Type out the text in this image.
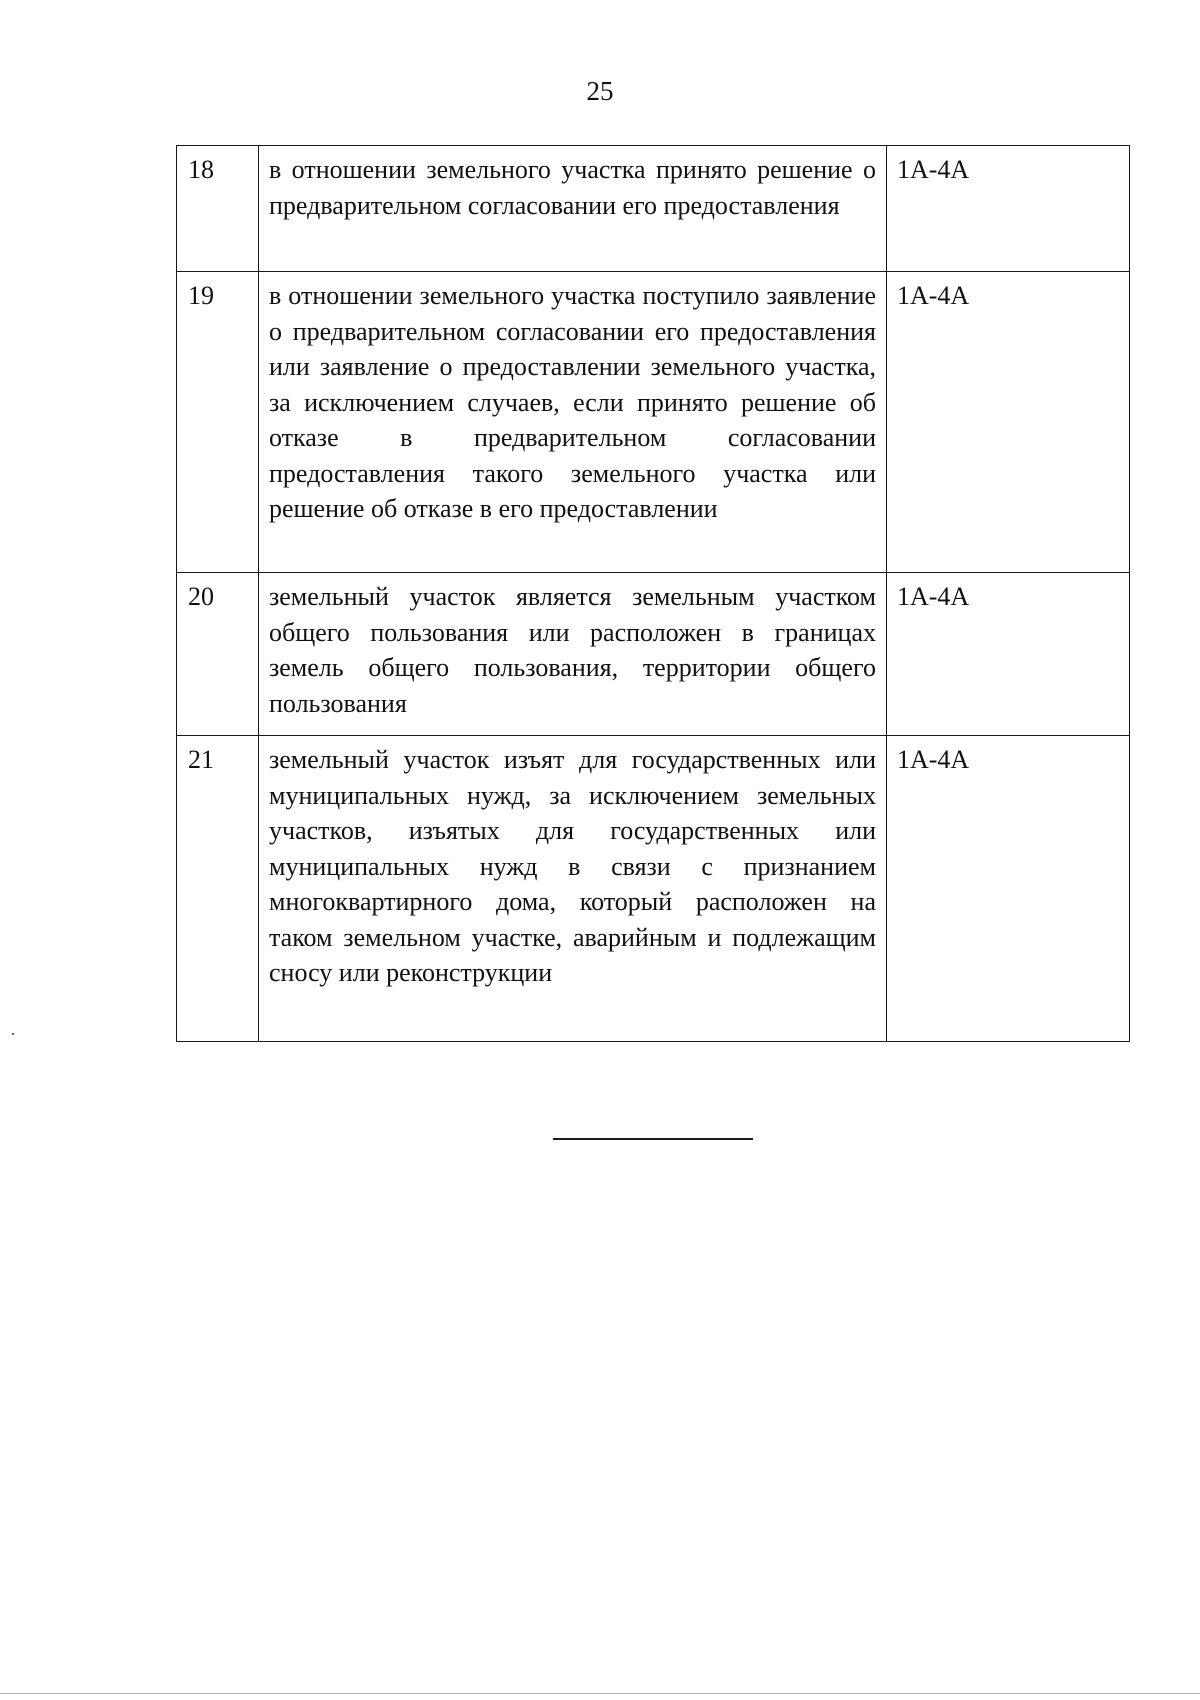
25
18	в отношении земельного участка принято решение о предварительном согласовании его предоставления	1А-4А

19	в отношении земельного участка поступило заявление о предварительном согласовании его предоставления или заявление о предоставлении земельного участка, за исключением случаев, если принято решение об отказе в предварительном согласовании предоставления такого земельного участка или решение об отказе в его предоставлении	1А-4А

20	земельный участок является земельным участком общего пользования или расположен в границах земель общего пользования, территории общего пользования	1А-4А

21	земельный участок изъят для государственных или муниципальных нужд, за исключением земельных участков, изъятых для государственных или муниципальных нужд в связи с признанием многоквартирного дома, который расположен на таком земельном участке, аварийным и подлежащим сносу или реконструкции	1А-4А
